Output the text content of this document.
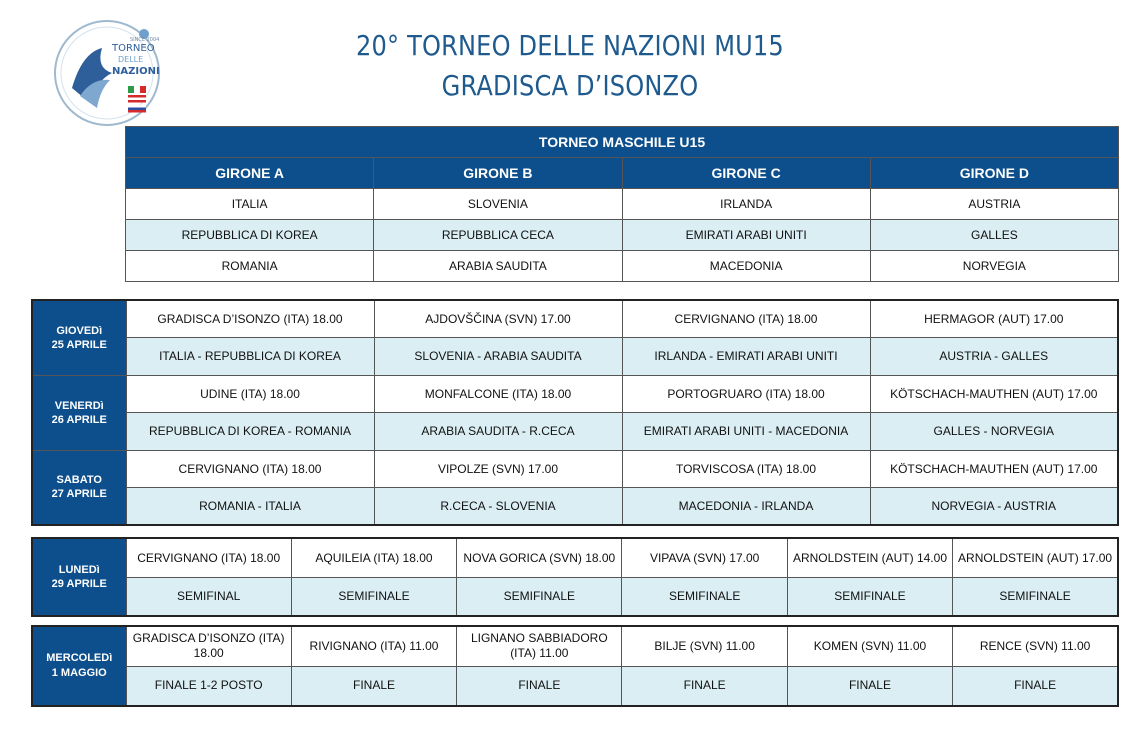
SINCE 2004
TORNEO
DELLE
NAZIONI
20° TORNEO DELLE NAZIONI MU15
GRADISCA D’ISONZO
TORNEO MASCHILE U15			
GIRONE A	GIRONE B	GIRONE C	GIRONE D
ITALIA	SLOVENIA	IRLANDA	AUSTRIA
REPUBBLICA DI KOREA	REPUBBLICA CECA	EMIRATI ARABI UNITI	GALLES
ROMANIA	ARABIA SAUDITA	MACEDONIA	NORVEGIA
GIOVEDì
25 APRILE	GRADISCA D’ISONZO (ITA) 18.00	AJDOVŠČINA (SVN) 17.00	CERVIGNANO (ITA) 18.00	HERMAGOR (AUT) 17.00
	ITALIA - REPUBBLICA DI KOREA	SLOVENIA - ARABIA SAUDITA	IRLANDA - EMIRATI ARABI UNITI	AUSTRIA - GALLES

VENERDì
26 APRILE	UDINE (ITA) 18.00	MONFALCONE (ITA) 18.00	PORTOGRUARO (ITA) 18.00	KÖTSCHACH-MAUTHEN (AUT) 17.00
	REPUBBLICA DI KOREA - ROMANIA	ARABIA SAUDITA - R.CECA	EMIRATI ARABI UNITI - MACEDONIA	GALLES - NORVEGIA

SABATO
27 APRILE	CERVIGNANO (ITA) 18.00	VIPOLZE (SVN) 17.00	TORVISCOSA (ITA) 18.00	KÖTSCHACH-MAUTHEN (AUT) 17.00
	ROMANIA - ITALIA	R.CECA - SLOVENIA	MACEDONIA - IRLANDA	NORVEGIA - AUSTRIA
LUNEDì
29 APRILE	CERVIGNANO (ITA) 18.00	AQUILEIA (ITA) 18.00	NOVA GORICA (SVN) 18.00	VIPAVA (SVN) 17.00	ARNOLDSTEIN (AUT) 14.00	ARNOLDSTEIN (AUT) 17.00
	SEMIFINAL	SEMIFINALE	SEMIFINALE	SEMIFINALE	SEMIFINALE	SEMIFINALE
MERCOLEDì
1 MAGGIO	GRADISCA D’ISONZO (ITA) 18.00	RIVIGNANO (ITA) 11.00	LIGNANO SABBIADORO (ITA) 11.00	BILJE (SVN) 11.00	KOMEN (SVN) 11.00	RENCE (SVN) 11.00
	FINALE 1-2 POSTO	FINALE	FINALE	FINALE	FINALE	FINALE
